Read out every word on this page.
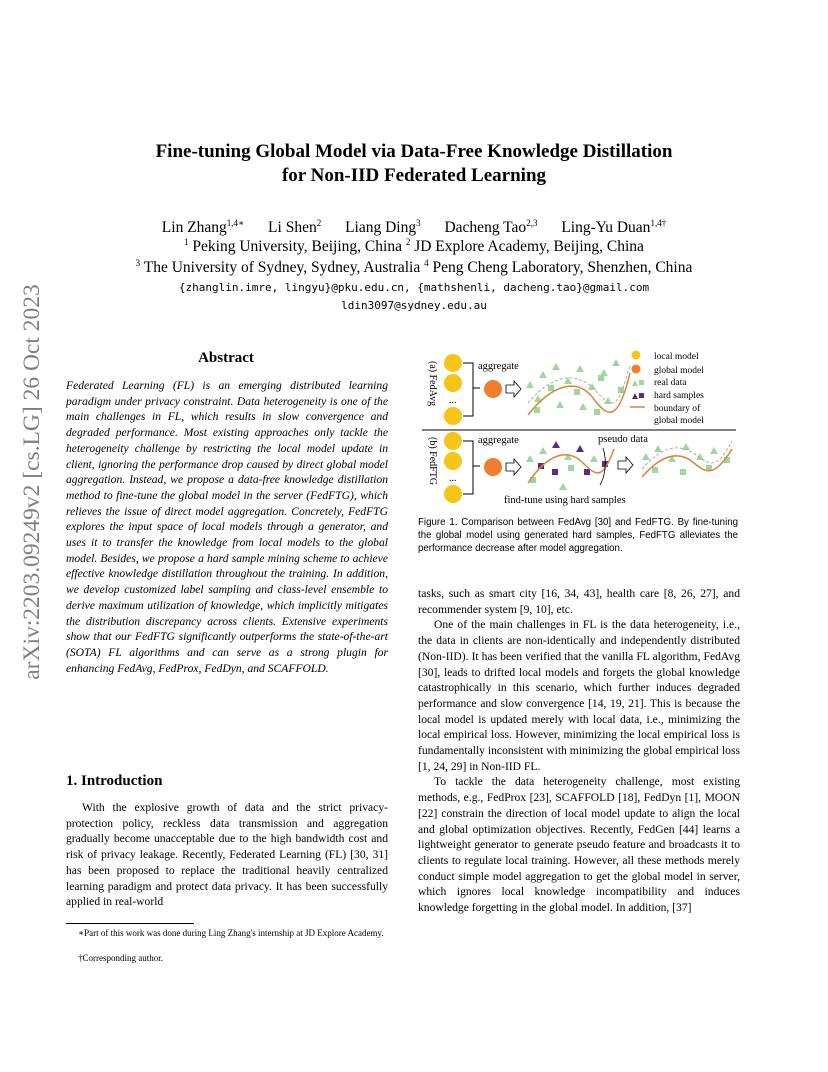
arXiv:2203.09249v2 [cs.LG] 26 Oct 2023
Fine-tuning Global Model via Data-Free Knowledge Distillation
for Non-IID Federated Learning
Lin Zhang$^{1,4∗}$ Li Shen$^2$ Liang Ding$^3$ Dacheng Tao$^{2,3}$ Ling-Yu Duan$^{1,4\dagger}$
$^1$ Peking University, Beijing, China $^2$ JD Explore Academy, Beijing, China
$^3$ The University of Sydney, Sydney, Australia $^4$ Peng Cheng Laboratory, Shenzhen, China
{zhanglin.imre, lingyu}@pku.edu.cn, {mathshenli, dacheng.tao}@gmail.com
ldin3097@sydney.edu.au
Abstract
Federated Learning (FL) is an emerging distributed learning paradigm under privacy constraint. Data heterogeneity is one of the main challenges in FL, which results in slow convergence and degraded performance. Most existing approaches only tackle the heterogeneity challenge by restricting the local model update in client, ignoring the performance drop caused by direct global model aggregation. Instead, we propose a data-free knowledge distillation method to fine-tune the global model in the server (FedFTG), which relieves the issue of direct model aggregation. Concretely, FedFTG explores the input space of local models through a generator, and uses it to transfer the knowledge from local models to the global model. Besides, we propose a hard sample mining scheme to achieve effective knowledge distillation throughout the training. In addition, we develop customized label sampling and class-level ensemble to derive maximum utilization of knowledge, which implicitly mitigates the distribution discrepancy across clients. Extensive experiments show that our FedFTG significantly outperforms the state-of-the-art (SOTA) FL algorithms and can serve as a strong plugin for enhancing FedAvg, FedProx, FedDyn, and SCAFFOLD.
1. Introduction

With the explosive growth of data and the strict privacy-protection policy, reckless data transmission and aggregation gradually become unacceptable due to the high bandwidth cost and risk of privacy leakage. Recently, Federated Learning (FL) [30, 31] has been proposed to replace the traditional heavily centralized learning paradigm and protect data privacy. It has been successfully applied in real-world

∗Part of this work was done during Ling Zhang's internship at JD Explore Academy.
†Corresponding author.
(a) FedAvg
(b) FedFTG
...
aggregate
local model
global model
real data
hard samples
boundary of
global model
...
aggregate	pseudo data
find-tune using hard samples
Figure 1. Comparison between FedAvg [30] and FedFTG. By fine-tuning the global model using generated hard samples, FedFTG alleviates the performance decrease after model aggregation.

tasks, such as smart city [16, 34, 43], health care [8, 26, 27], and recommender system [9, 10], etc.

One of the main challenges in FL is the data heterogeneity, i.e., the data in clients are non-identically and independently distributed (Non-IID). It has been verified that the vanilla FL algorithm, FedAvg [30], leads to drifted local models and forgets the global knowledge catastrophically in this scenario, which further induces degraded performance and slow convergence [14, 19, 21]. This is because the local model is updated merely with local data, i.e., minimizing the local empirical loss. However, minimizing the local empirical loss is fundamentally inconsistent with minimizing the global empirical loss [1, 24, 29] in Non-IID FL.

To tackle the data heterogeneity challenge, most existing methods, e.g., FedProx [23], SCAFFOLD [18], FedDyn [1], MOON [22] constrain the direction of local model update to align the local and global optimization objectives. Recently, FedGen [44] learns a lightweight generator to generate pseudo feature and broadcasts it to clients to regulate local training. However, all these methods merely conduct simple model aggregation to get the global model in server, which ignores local knowledge incompatibility and induces knowledge forgetting in the global model. In addition, [37]
